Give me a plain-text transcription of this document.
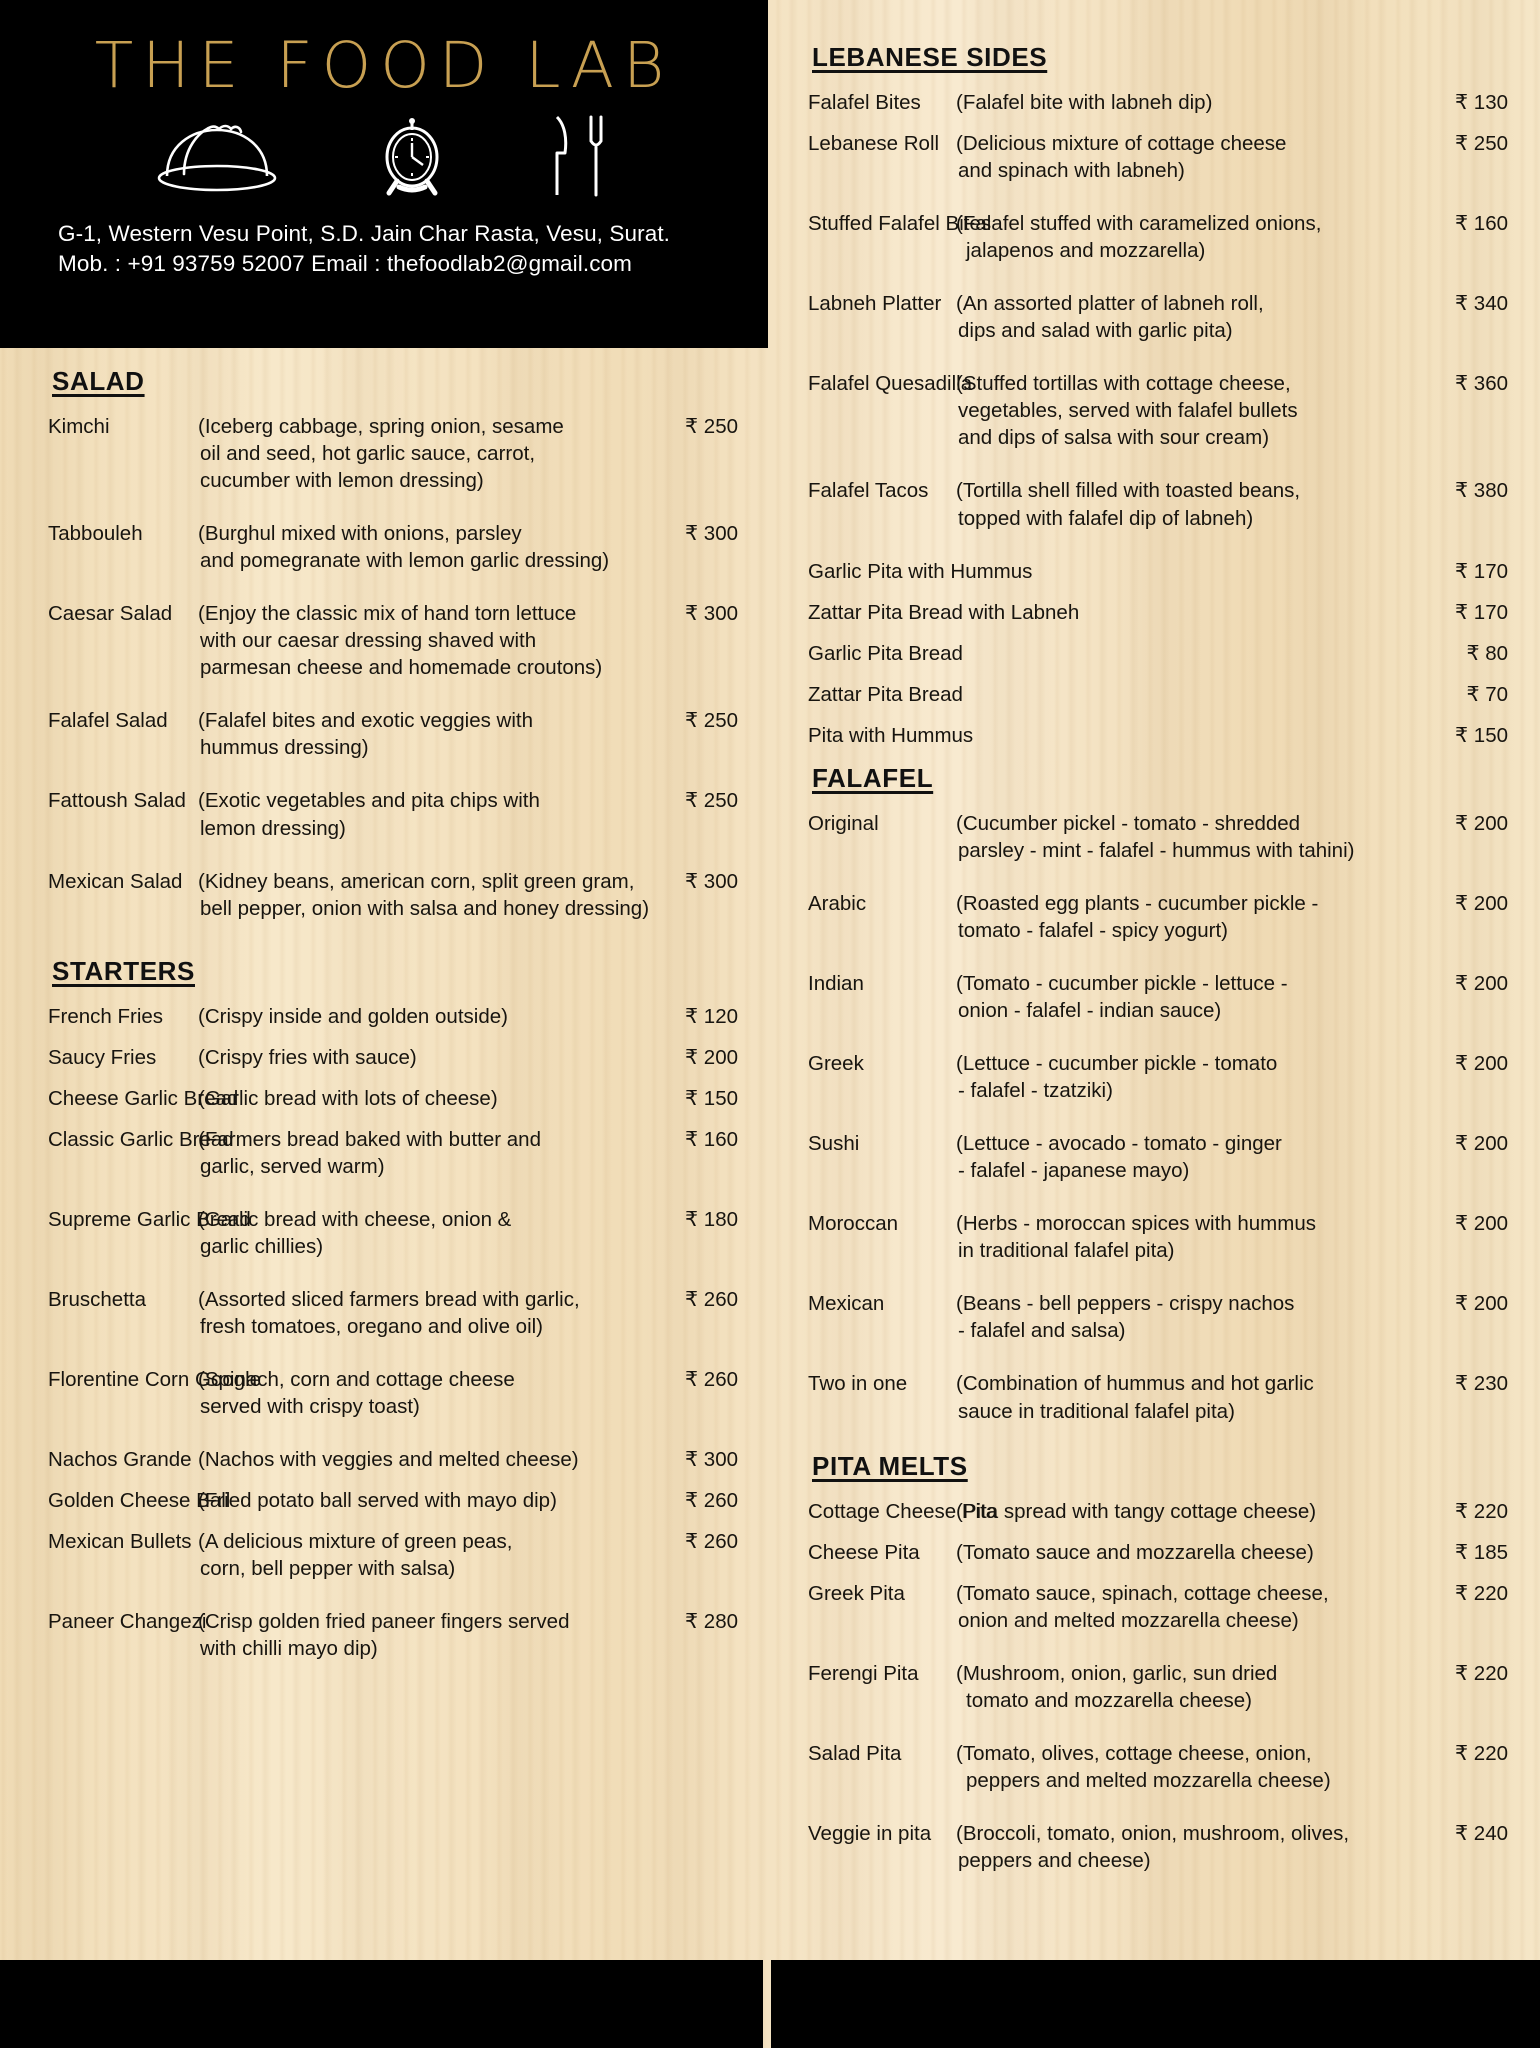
THE FOOD LAB
G-1, Western Vesu Point, S.D. Jain Char Rasta, Vesu, Surat.
Mob. : +91 93759 52007 Email : thefoodlab2@gmail.com
SALAD
Kimchi	(Iceberg cabbage, spring onion, sesame
oil and seed, hot garlic sauce, carrot,
cucumber with lemon dressing)
₹ 250
Tabbouleh	(Burghul mixed with onions, parsley
and pomegranate with lemon garlic dressing)
₹ 300
Caesar Salad	(Enjoy the classic mix of hand torn lettuce
with our caesar dressing shaved with
parmesan cheese and homemade croutons)
₹ 300
Falafel Salad	(Falafel bites and exotic veggies with
hummus dressing)
₹ 250
Fattoush Salad (Exotic vegetables and pita chips with
lemon dressing)
₹ 250
Mexican Salad (Kidney beans, american corn, split green gram,
bell pepper, onion with salsa and honey dressing)
₹ 300
STARTERS
French Fries	(Crispy inside and golden outside)	₹ 120
Saucy Fries	(Crispy fries with sauce)	₹ 200
Cheese Garlic Bread
(Garlic bread with lots of cheese)	₹ 150
Classic Garlic Bread
(Farmers bread baked with butter and
garlic, served warm)
₹ 160
Supreme Garlic Bread
(Garlic bread with cheese, onion &
garlic chillies)
₹ 180
Bruschetta	(Assorted sliced farmers bread with garlic,
fresh tomatoes, oregano and olive oil)
₹ 260
Florentine Corn Google
(Spinach, corn and cottage cheese
served with crispy toast)
₹ 260
Nachos Grande (Nachos with veggies and melted cheese)	₹ 300
Golden Cheese Ball
(Fried potato ball served with mayo dip)	₹ 260
Mexican Bullets (A delicious mixture of green peas,
corn, bell pepper with salsa)
₹ 260
Paneer Changezi
(Crisp golden fried paneer fingers served
with chilli mayo dip)
₹ 280
LEBANESE SIDES
Falafel Bites	(Falafel bite with labneh dip)	₹ 130
Lebanese Roll (Delicious mixture of cottage cheese
and spinach with labneh)
₹ 250
Stuffed Falafel Bites
(Falafel stuffed with caramelized onions,
jalapenos and mozzarella)
₹ 160
Labneh Platter (An assorted platter of labneh roll,
dips and salad with garlic pita)
₹ 340
Falafel Quesadilla
(Stuffed tortillas with cottage cheese,
vegetables, served with falafel bullets
and dips of salsa with sour cream)
₹ 360
Falafel Tacos	(Tortilla shell filled with toasted beans,
topped with falafel dip of labneh)
₹ 380
Garlic Pita with Hummus	₹ 170
Zattar Pita Bread with Labneh	₹ 170
Garlic Pita Bread	₹ 80
Zattar Pita Bread	₹ 70
Pita with Hummus	₹ 150
FALAFEL
Original	(Cucumber pickel - tomato - shredded
parsley - mint - falafel - hummus with tahini)
₹ 200
Arabic	(Roasted egg plants - cucumber pickle -
tomato - falafel - spicy yogurt)
₹ 200
Indian	(Tomato - cucumber pickle - lettuce -
onion - falafel - indian sauce)
₹ 200
Greek	(Lettuce - cucumber pickle - tomato
- falafel - tzatziki)
₹ 200
Sushi	(Lettuce - avocado - tomato - ginger
- falafel - japanese mayo)
₹ 200
Moroccan	(Herbs - moroccan spices with hummus
in traditional falafel pita)
₹ 200
Mexican	(Beans - bell peppers - crispy nachos
- falafel and salsa)
₹ 200
Two in one	(Combination of hummus and hot garlic
sauce in traditional falafel pita)
₹ 230
PITA MELTS
Cottage Cheese Pita
(Pita spread with tangy cottage cheese)	₹ 220
Cheese Pita	(Tomato sauce and mozzarella cheese)	₹ 185
Greek Pita	(Tomato sauce, spinach, cottage cheese,
onion and melted mozzarella cheese)
₹ 220
Ferengi Pita	(Mushroom, onion, garlic, sun dried
tomato and mozzarella cheese)
₹ 220
Salad Pita	(Tomato, olives, cottage cheese, onion,
peppers and melted mozzarella cheese)
₹ 220
Veggie in pita	(Broccoli, tomato, onion, mushroom, olives,
peppers and cheese)
₹ 240
